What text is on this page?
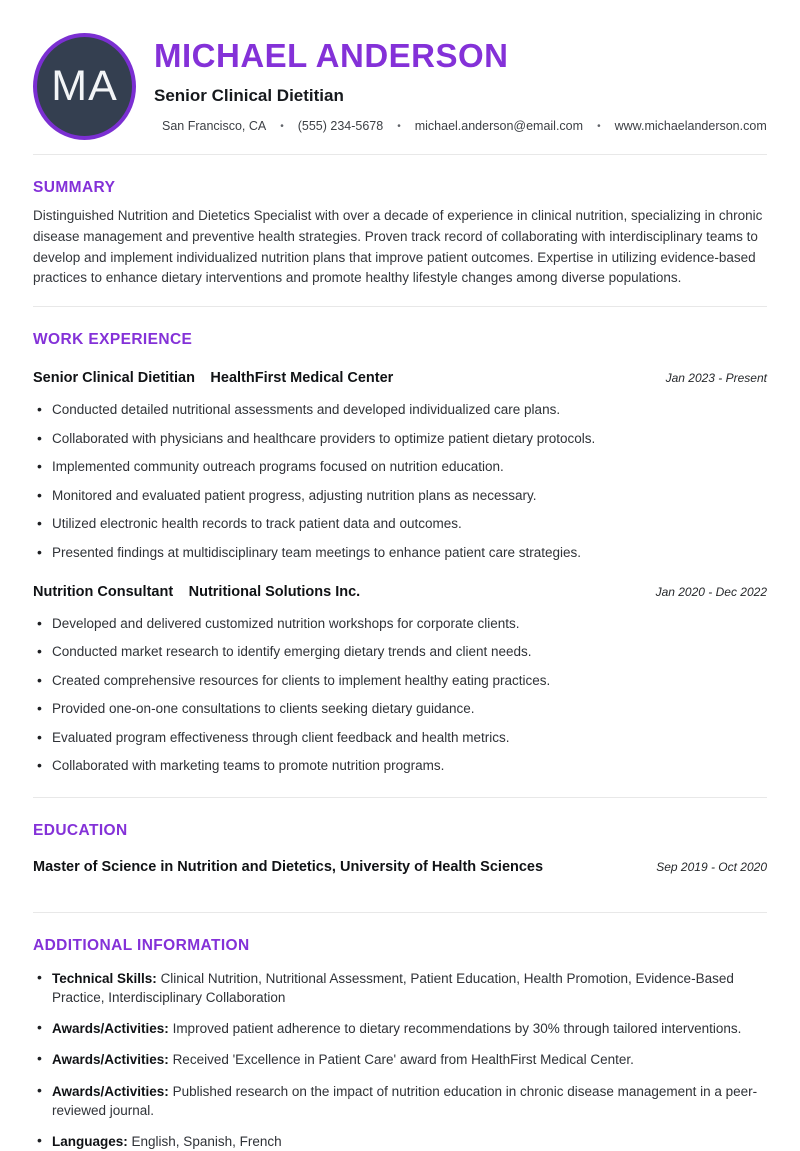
MA
MICHAEL ANDERSON
Senior Clinical Dietitian
San Francisco, CA • (555) 234-5678 • michael.anderson@email.com • www.michaelanderson.com
SUMMARY

Distinguished Nutrition and Dietetics Specialist with over a decade of experience in clinical nutrition, specializing in chronic disease management and preventive health strategies. Proven track record of collaborating with interdisciplinary teams to develop and implement individualized nutrition plans that improve patient outcomes. Expertise in utilizing evidence-based practices to enhance dietary interventions and promote healthy lifestyle changes among diverse populations.

WORK EXPERIENCE
Senior Clinical Dietitian HealthFirst Medical Center	Jan 2023 - Present
• Conducted detailed nutritional assessments and developed individualized care plans.
• Collaborated with physicians and healthcare providers to optimize patient dietary protocols.
• Implemented community outreach programs focused on nutrition education.
• Monitored and evaluated patient progress, adjusting nutrition plans as necessary.
• Utilized electronic health records to track patient data and outcomes.
• Presented findings at multidisciplinary team meetings to enhance patient care strategies.
Nutrition Consultant Nutritional Solutions Inc.	Jan 2020 - Dec 2022
• Developed and delivered customized nutrition workshops for corporate clients.
• Conducted market research to identify emerging dietary trends and client needs.
• Created comprehensive resources for clients to implement healthy eating practices.
• Provided one-on-one consultations to clients seeking dietary guidance.
• Evaluated program effectiveness through client feedback and health metrics.
• Collaborated with marketing teams to promote nutrition programs.
EDUCATION
Master of Science in Nutrition and Dietetics, University of Health Sciences	Sep 2019 - Oct 2020
ADDITIONAL INFORMATION
• Technical Skills: Clinical Nutrition, Nutritional Assessment, Patient Education, Health Promotion, Evidence-Based Practice, Interdisciplinary Collaboration
• Awards/Activities: Improved patient adherence to dietary recommendations by 30% through tailored interventions.
• Awards/Activities: Received 'Excellence in Patient Care' award from HealthFirst Medical Center.
• Awards/Activities: Published research on the impact of nutrition education in chronic disease management in a peer-reviewed journal.
• Languages: English, Spanish, French
